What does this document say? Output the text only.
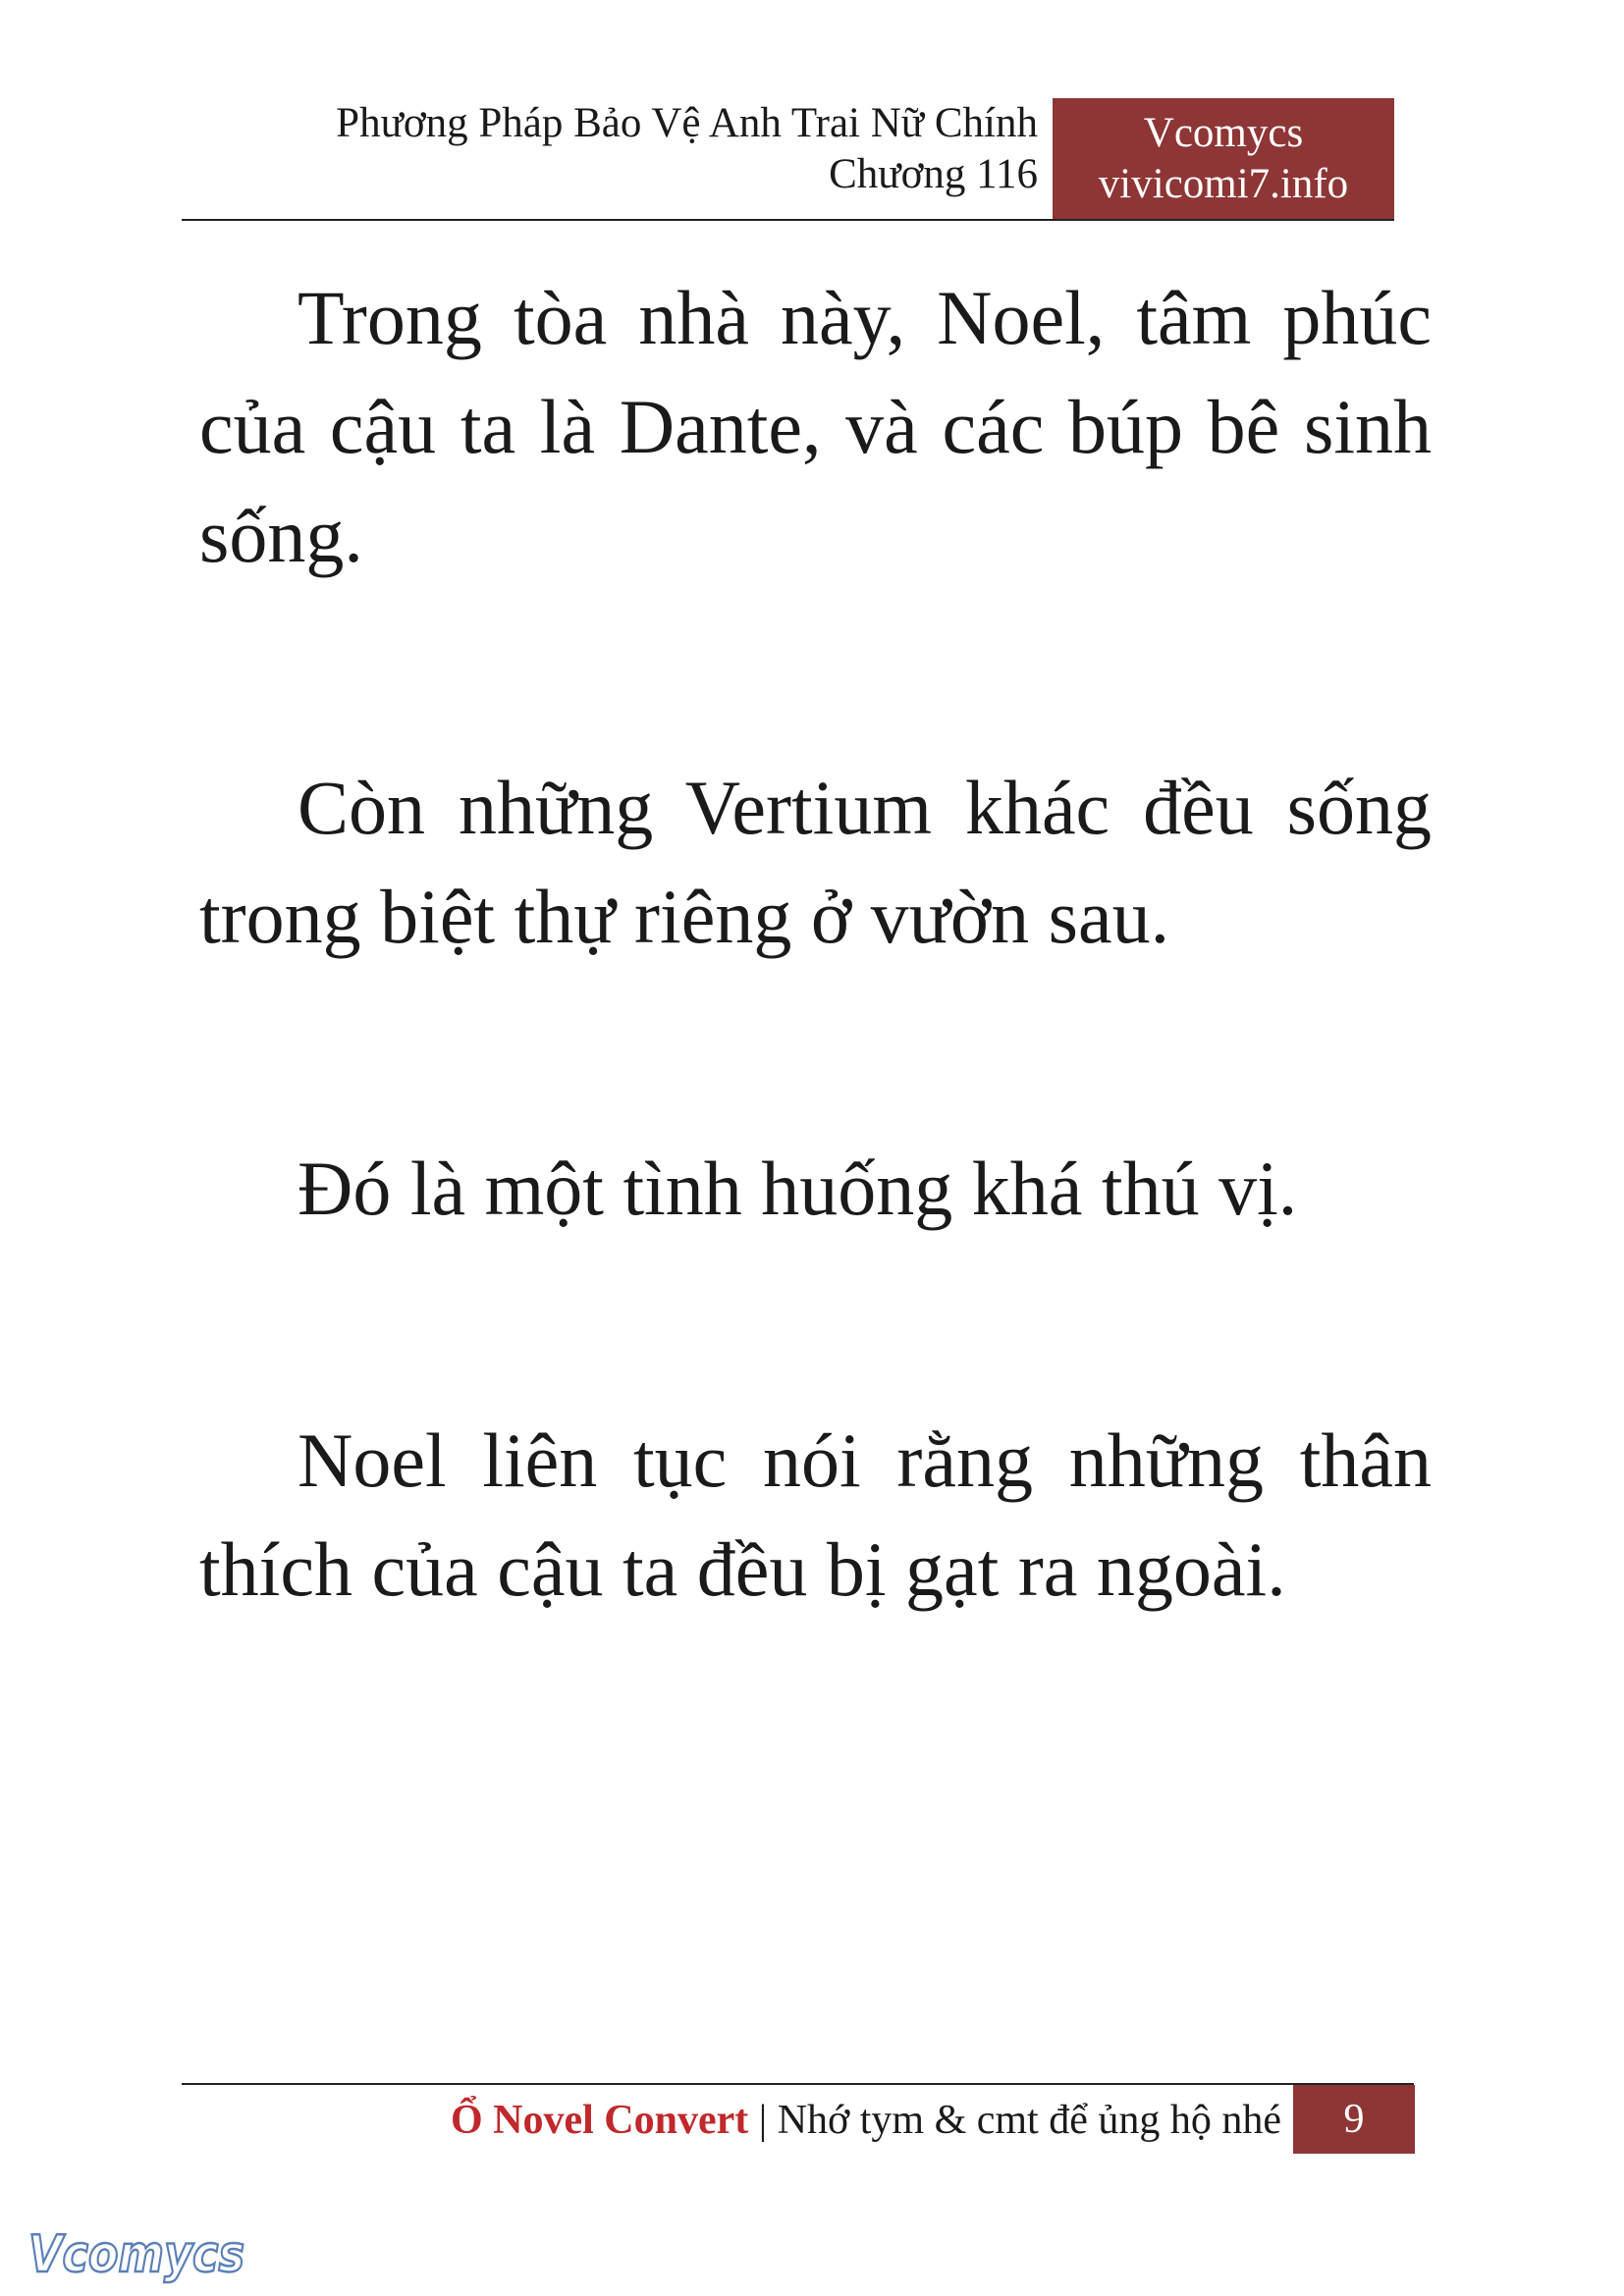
Phương Pháp Bảo Vệ Anh Trai Nữ Chính
Chương 116
Vcomycs
vivicomi7.info

Trong tòa nhà này, Noel, tâm phúc của cậu ta là Dante, và các búp bê sinh sống.

Còn những Vertium khác đều sống trong biệt thự riêng ở vườn sau.

Đó là một tình huống khá thú vị.

Noel liên tục nói rằng những thân thích của cậu ta đều bị gạt ra ngoài.

Ổ Novel Convert | Nhớ tym & cmt để ủng hộ nhé	9
Vcomycs
